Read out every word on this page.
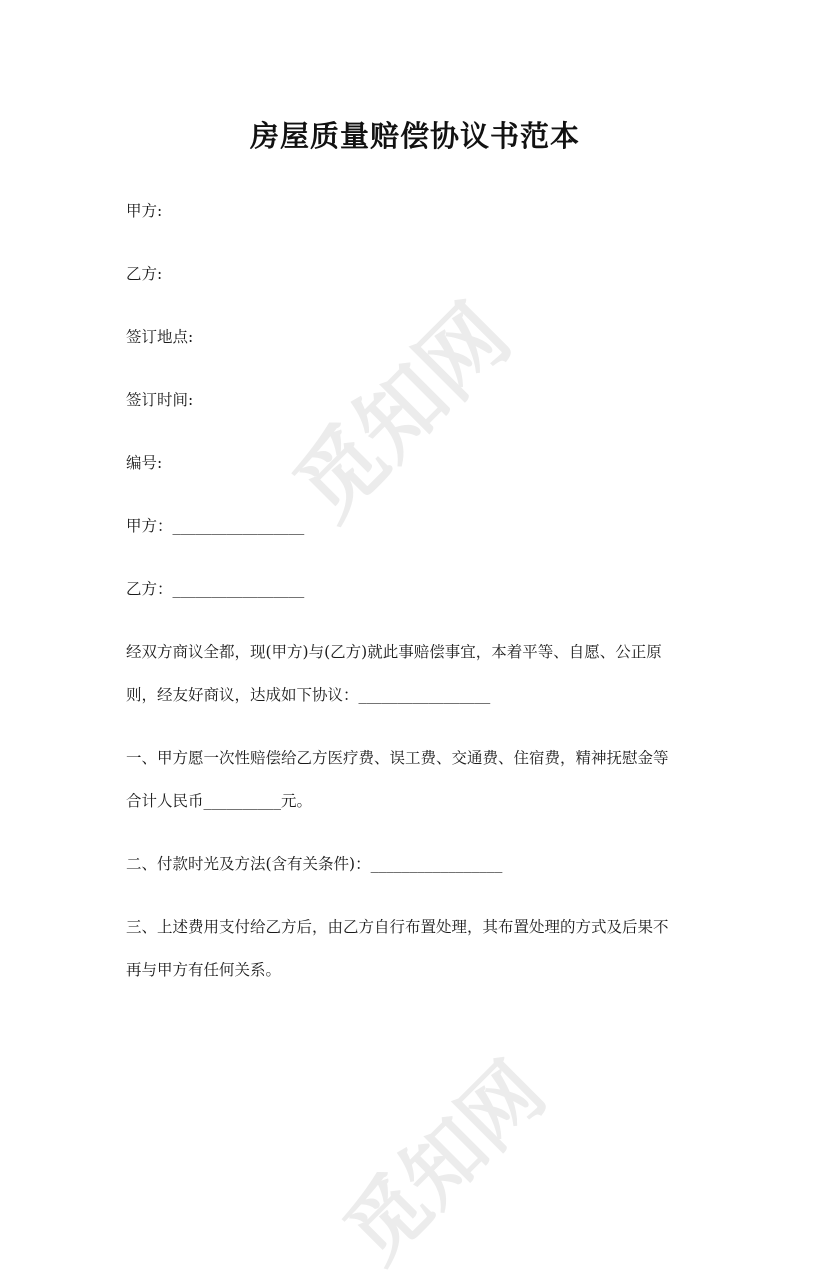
觅知网
觅知网
房屋质量赔偿协议书范本
甲方:
乙方:
签订地点:
签订时间:
编号:
甲方：_________________
乙方：_________________
经双方商议全都，现(甲方)与(乙方)就此事赔偿事宜，本着平等、自愿、公正原
则，经友好商议，达成如下协议：_________________
一、甲方愿一次性赔偿给乙方医疗费、误工费、交通费、住宿费，精神抚慰金等
合计人民币__________元。
二、付款时光及方法(含有关条件)：_________________
三、上述费用支付给乙方后，由乙方自行布置处理，其布置处理的方式及后果不
再与甲方有任何关系。
